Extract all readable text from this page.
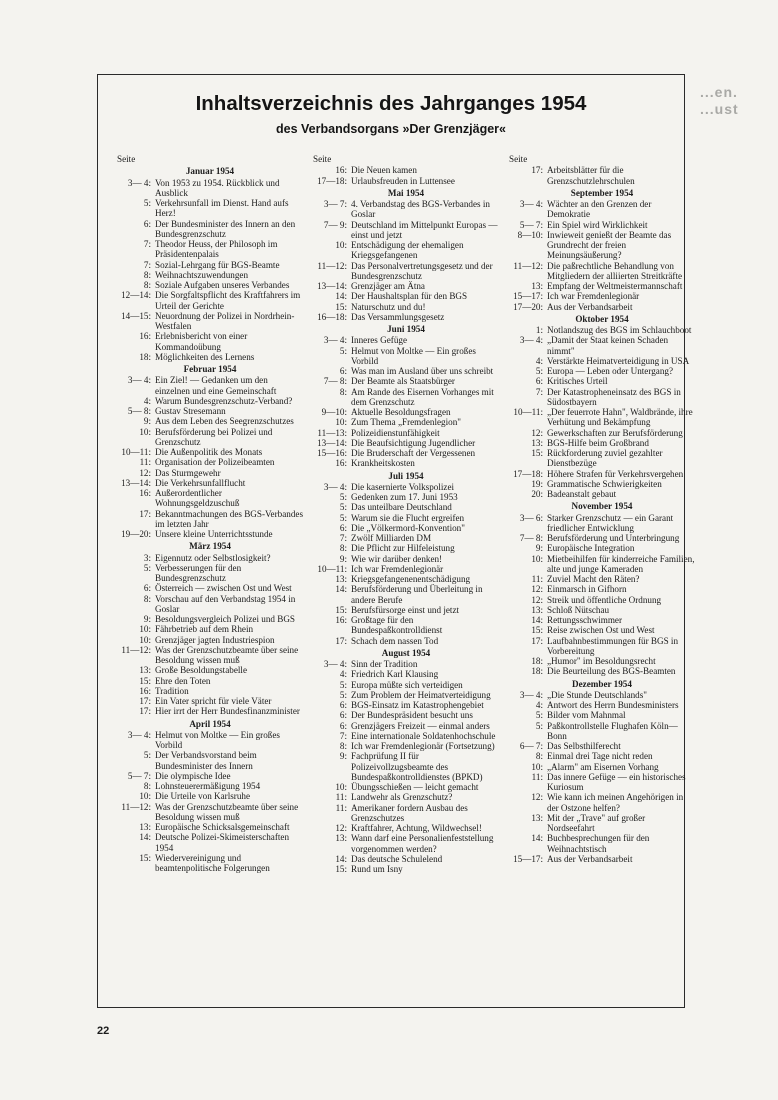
...en.
...ust
Inhaltsverzeichnis des Jahrganges 1954
des Verbandsorgans »Der Grenzjäger«
Seite
Januar 1954
3— 4: Von 1953 zu 1954. Rückblick und Ausblick
5: Verkehrsunfall im Dienst. Hand aufs Herz!
6: Der Bundesminister des Innern an den Bundesgrenzschutz
7: Theodor Heuss, der Philosoph im Präsidentenpalais
7: Sozial-Lehrgang für BGS-Beamte
8: Weihnachtszuwendungen
8: Soziale Aufgaben unseres Verbandes
12—14: Die Sorgfaltspflicht des Kraftfahrers im Urteil der Gerichte
14—15: Neuordnung der Polizei in Nordrhein-Westfalen
16: Erlebnisbericht von einer Kommandoübung
18: Möglichkeiten des Lernens
Februar 1954
3— 4: Ein Ziel! — Gedanken um den einzelnen und eine Gemeinschaft
4: Warum Bundesgrenzschutz-Verband?
5— 8: Gustav Stresemann
9: Aus dem Leben des Seegrenzschutzes
10: Berufsförderung bei Polizei und Grenzschutz
10—11: Die Außenpolitik des Monats
11: Organisation der Polizeibeamten
12: Das Sturmgewehr
13—14: Die Verkehrsunfallflucht
16: Außerordentlicher Wohnungsgeldzuschuß
17: Bekanntmachungen des BGS-Verbandes im letzten Jahr
19—20: Unsere kleine Unterrichtsstunde
März 1954
3: Eigennutz oder Selbstlosigkeit?
5: Verbesserungen für den Bundesgrenzschutz
6: Österreich — zwischen Ost und West
8: Vorschau auf den Verbandstag 1954 in Goslar
9: Besoldungsvergleich Polizei und BGS
10: Fährbetrieb auf dem Rhein
10: Grenzjäger jagten Industriespion
11—12: Was der Grenzschutzbeamte über seine Besoldung wissen muß
13: Große Besoldungstabelle
15: Ehre den Toten
16: Tradition
17: Ein Vater spricht für viele Väter
17: Hier irrt der Herr Bundesfinanzminister
April 1954
3— 4: Helmut von Moltke — Ein großes Vorbild
5: Der Verbandsvorstand beim Bundesminister des Innern
5— 7: Die olympische Idee
8: Lohnsteuerermäßigung 1954
10: Die Urteile von Karlsruhe
11—12: Was der Grenzschutzbeamte über seine Besoldung wissen muß
13: Europäische Schicksalsgemeinschaft
14: Deutsche Polizei-Skimeisterschaften 1954
15: Wiedervereinigung und beamtenpolitische Folgerungen
Seite
16: Die Neuen kamen
17—18: Urlaubsfreuden in Luttensee
Mai 1954
3— 7: 4. Verbandstag des BGS-Verbandes in Goslar
7— 9: Deutschland im Mittelpunkt Europas — einst und jetzt
10: Entschädigung der ehemaligen Kriegsgefangenen
11—12: Das Personalvertretungsgesetz und der Bundesgrenzschutz
13—14: Grenzjäger am Ätna
14: Der Haushaltsplan für den BGS
15: Naturschutz und du!
16—18: Das Versammlungsgesetz
Juni 1954
3— 4: Inneres Gefüge
5: Helmut von Moltke — Ein großes Vorbild
6: Was man im Ausland über uns schreibt
7— 8: Der Beamte als Staatsbürger
8: Am Rande des Eisernen Vorhanges mit dem Grenzschutz
9—10: Aktuelle Besoldungsfragen
10: Zum Thema „Fremdenlegion"
11—13: Polizeidienstunfähigkeit
13—14: Die Beaufsichtigung Jugendlicher
15—16: Die Bruderschaft der Vergessenen
16: Krankheitskosten
Juli 1954
3— 4: Die kasernierte Volkspolizei
5: Gedenken zum 17. Juni 1953
5: Das unteilbare Deutschland
5: Warum sie die Flucht ergreifen
6: Die „Völkermord-Konvention"
7: Zwölf Milliarden DM
8: Die Pflicht zur Hilfeleistung
9: Wie wir darüber denken!
10—11: Ich war Fremdenlegionär
13: Kriegsgefangenenentschädigung
14: Berufsförderung und Überleitung in andere Berufe
15: Berufsfürsorge einst und jetzt
16: Großtage für den Bundespaßkontrolldienst
17: Schach dem nassen Tod
August 1954
3— 4: Sinn der Tradition
4: Friedrich Karl Klausing
5: Europa müßte sich verteidigen
5: Zum Problem der Heimatverteidigung
6: BGS-Einsatz im Katastrophengebiet
6: Der Bundespräsident besucht uns
6: Grenzjägers Freizeit — einmal anders
7: Eine internationale Soldatenhochschule
8: Ich war Fremdenlegionär (Fortsetzung)
9: Fachprüfung II für Polizeivollzugsbeamte des Bundespaßkontrolldienstes (BPKD)
10: Übungsschießen — leicht gemacht
11: Landwehr als Grenzschutz?
11: Amerikaner fordern Ausbau des Grenzschutzes
12: Kraftfahrer, Achtung, Wildwechsel!
13: Wann darf eine Personalienfeststellung vorgenommen werden?
14: Das deutsche Schulelend
15: Rund um Isny
Seite
17: Arbeitsblätter für die Grenzschutzlehrschulen
September 1954
3— 4: Wächter an den Grenzen der Demokratie
5— 7: Ein Spiel wird Wirklichkeit
8—10: Inwieweit genießt der Beamte das Grundrecht der freien Meinungsäußerung?
11—12: Die paßrechtliche Behandlung von Mitgliedern der alliierten Streitkräfte
13: Empfang der Weltmeistermannschaft
15—17: Ich war Fremdenlegionär
17—20: Aus der Verbandsarbeit
Oktober 1954
1: Notlandszug des BGS im Schlauchboot
3— 4: „Damit der Staat keinen Schaden nimmt"
4: Verstärkte Heimatverteidigung in USA
5: Europa — Leben oder Untergang?
6: Kritisches Urteil
7: Der Katastropheneinsatz des BGS in Südostbayern
10—11: „Der feuerrote Hahn", Waldbrände, ihre Verhütung und Bekämpfung
12: Gewerkschaften zur Berufsförderung
13: BGS-Hilfe beim Großbrand
15: Rückforderung zuviel gezahlter Dienstbezüge
17—18: Höhere Strafen für Verkehrsvergehen
19: Grammatische Schwierigkeiten
20: Badeanstalt gebaut
November 1954
3— 6: Starker Grenzschutz — ein Garant friedlicher Entwicklung
7— 8: Berufsförderung und Unterbringung
9: Europäische Integration
10: Mietbeihilfen für kinderreiche Familien, alte und junge Kameraden
11: Zuviel Macht den Räten?
12: Einmarsch in Gifhorn
12: Streik und öffentliche Ordnung
13: Schloß Nütschau
14: Rettungsschwimmer
15: Reise zwischen Ost und West
17: Laufbahnbestimmungen für BGS in Vorbereitung
18: „Humor" im Besoldungsrecht
18: Die Beurteilung des BGS-Beamten
Dezember 1954
3— 4: „Die Stunde Deutschlands"
4: Antwort des Herrn Bundesministers
5: Bilder vom Mahnmal
5: Paßkontrollstelle Flughafen Köln—Bonn
6— 7: Das Selbsthilferecht
8: Einmal drei Tage nicht reden
10: „Alarm" am Eisernen Vorhang
11: Das innere Gefüge — ein historisches Kuriosum
12: Wie kann ich meinen Angehörigen in der Ostzone helfen?
13: Mit der „Trave" auf großer Nordseefahrt
14: Buchbesprechungen für den Weihnachtstisch
15—17: Aus der Verbandsarbeit
22
